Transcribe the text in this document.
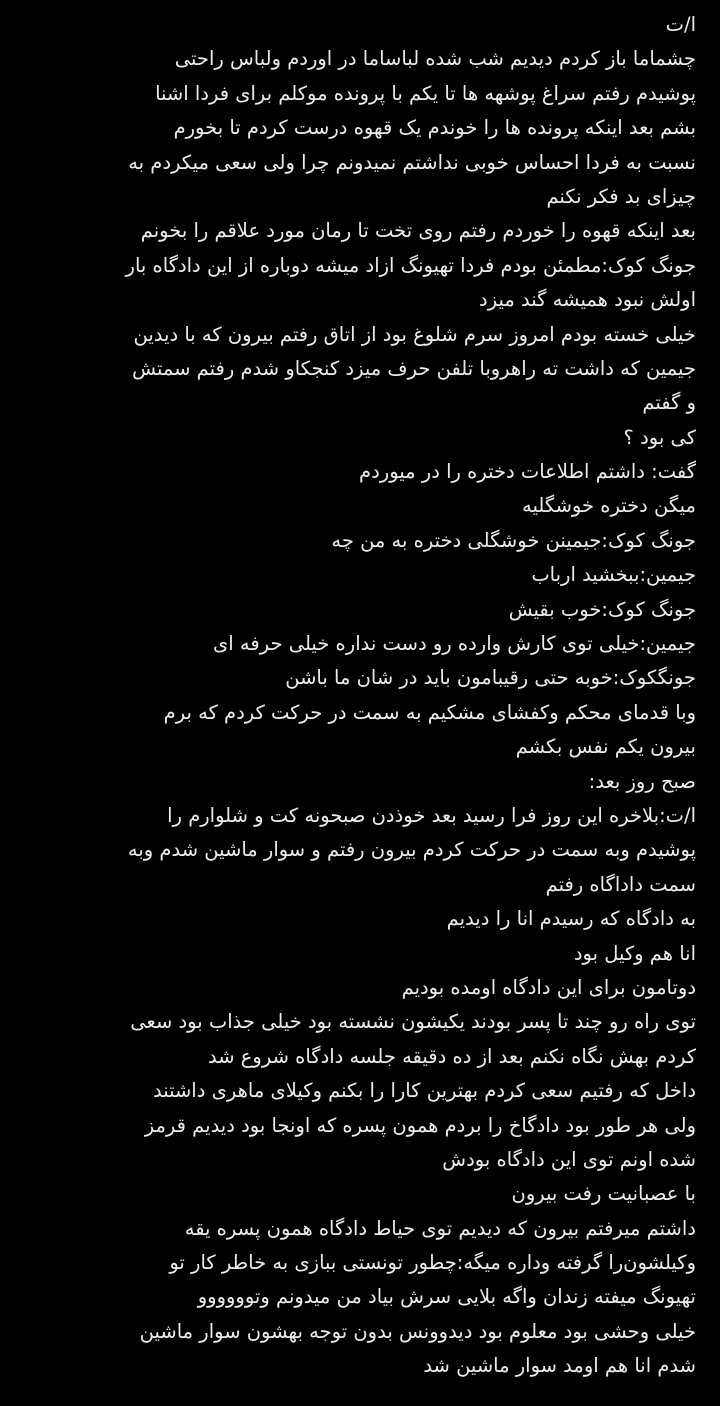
ا/ت
چشماما باز کردم دیدیم شب شده لباساما در اوردم ولباس راحتی
پوشیدم رفتم سراغ پوشهه ها تا یکم با پرونده موکلم برای فردا اشنا
بشم بعد اینکه پرونده ها را خوندم یک قهوه درست کردم تا بخورم
نسبت به فردا احساس خوبی نداشتم نمیدونم چرا ولی سعی میکردم به
چیزای بد فکر نکنم
بعد اینکه قهوه را خوردم رفتم روی تخت تا رمان مورد علاقم را بخونم
جونگ کوک:مطمئن بودم فردا تهیونگ ازاد میشه دوباره از این دادگاه بار
اولش نبود همیشه گند میزد
خیلی خسته بودم امروز سرم شلوغ بود از اتاق رفتم بیرون که با دیدین
جیمین که داشت ته راهروبا تلفن حرف میزد کنجکاو شدم رفتم سمتش
و گفتم
کی بود ؟
گفت: داشتم اطلاعات دختره را در میوردم
میگن دختره خوشگلیه
جونگ کوک:جیمینن خوشگلی دختره به من چه
جیمین:ببخشید ارباب
جونگ کوک:خوب بقیش
جیمین:خیلی توی کارش وارده رو دست نداره خیلی حرفه ای
جونگکوک:خوبه حتی رقیبامون باید در شان ما باشن
وبا قدمای محکم وکفشای مشکیم به سمت در حرکت کردم که برم
بیرون یکم نفس بکشم
صبح روز بعد:
ا/ت:بلاخره این روز فرا رسید بعد خوذدن صبحونه کت و شلوارم را
پوشیدم وبه سمت در حرکت کردم بیرون رفتم و سوار ماشین شدم وبه
سمت داداگاه رفتم
به دادگاه که رسیدم انا را دیدیم
انا هم وکیل بود
دوتامون برای این دادگاه اومده بودیم
توی راه رو چند تا پسر بودند یکیشون نشسته بود خیلی جذاب بود سعی
کردم بهش نگاه نکنم بعد از ده دقیقه جلسه دادگاه شروع شد
داخل که رفتیم سعی کردم بهترین کارا را بکنم وکیلای ماهری داشتند
ولی هر طور بود دادگاخ را بردم همون پسره که اونجا بود دیدیم قرمز
شده اونم توی این دادگاه بودش
با عصبانیت رفت بیرون
داشتم میرفتم بیرون که دیدیم توی حیاط دادگاه همون پسره یقه
وکیلشون‌را گرفته وداره میگه:چطور تونستی ببازی به خاطر کار تو
تهیونگ میفته زندان واگه بلایی سرش بیاد من میدونم وتوووووو
خیلی وحشی بود معلوم بود دیدوونس بدون توجه بهشون سوار ماشین
شدم انا هم اومد سوار ماشین شد
